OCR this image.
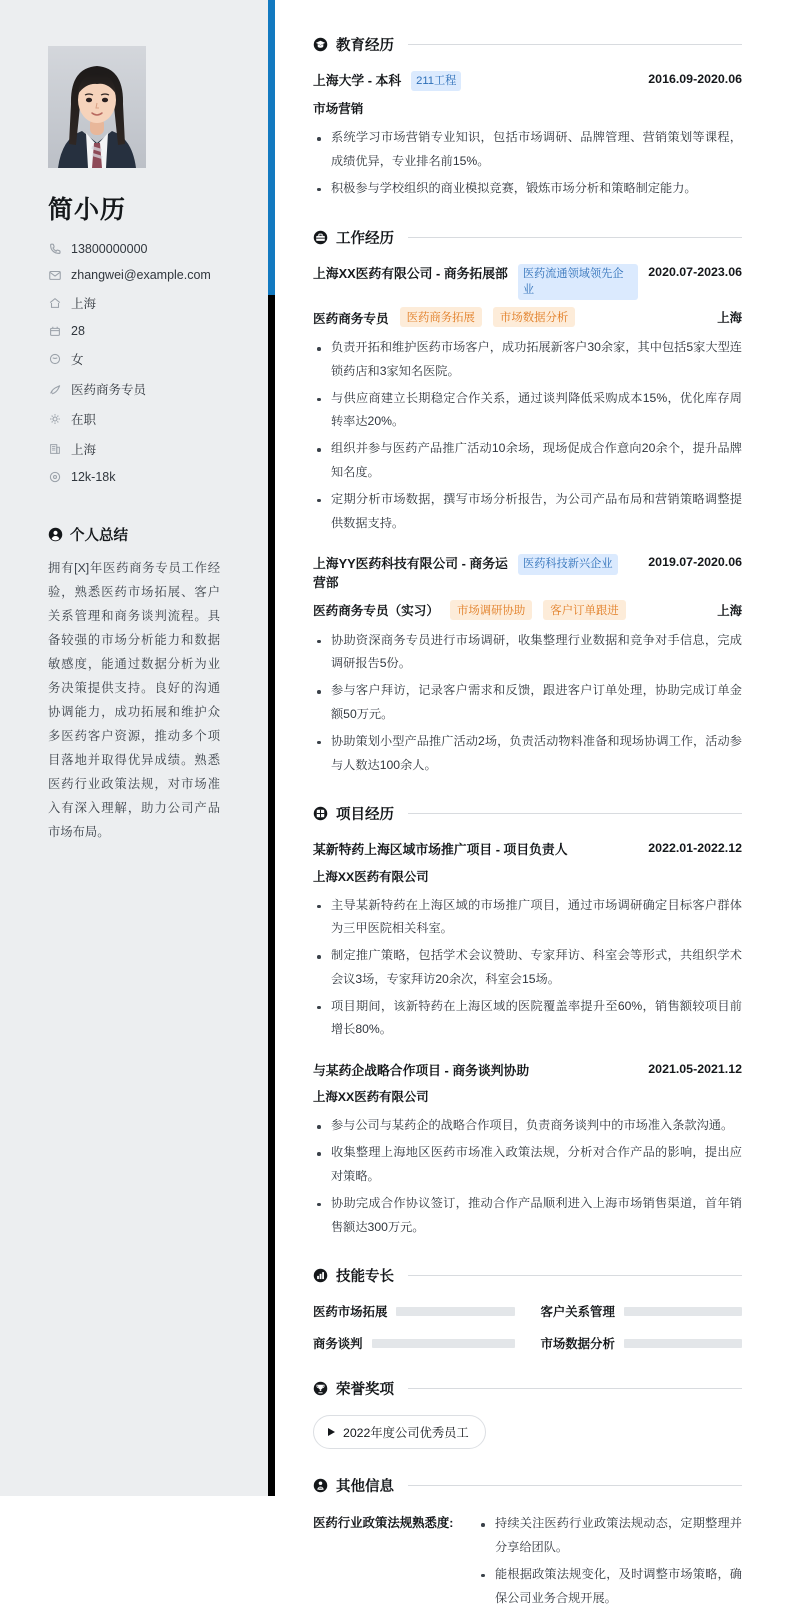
简小历
13800000000
zhangwei@example.com
上海
28
女
医药商务专员
在职
上海
12k-18k
个人总结
拥有[X]年医药商务专员工作经验，熟悉医药市场拓展、客户关系管理和商务谈判流程。具备较强的市场分析能力和数据敏感度，能通过数据分析为业务决策提供支持。良好的沟通协调能力，成功拓展和维护众多医药客户资源，推动多个项目落地并取得优异成绩。熟悉医药行业政策法规，对市场准入有深入理解，助力公司产品市场布局。
教育经历
上海大学 - 本科	211工程	2016.09-2020.06
市场营销
系统学习市场营销专业知识，包括市场调研、品牌管理、营销策划等课程，成绩优异，专业排名前15%。
积极参与学校组织的商业模拟竞赛，锻炼市场分析和策略制定能力。
工作经历
上海XX医药有限公司 - 商务拓展部	医药流通领域领先企业
2020.07-2023.06
医药商务专员	医药商务拓展	市场数据分析	上海
负责开拓和维护医药市场客户，成功拓展新客户30余家，其中包括5家大型连锁药店和3家知名医院。
与供应商建立长期稳定合作关系，通过谈判降低采购成本15%，优化库存周转率达20%。
组织并参与医药产品推广活动10余场，现场促成合作意向20余个，提升品牌知名度。
定期分析市场数据，撰写市场分析报告，为公司产品布局和营销策略调整提供数据支持。
上海YY医药科技有限公司 - 商务运营部
医药科技新兴企业	2019.07-2020.06
医药商务专员（实习）	市场调研协助	客户订单跟进	上海
协助资深商务专员进行市场调研，收集整理行业数据和竞争对手信息，完成调研报告5份。
参与客户拜访，记录客户需求和反馈，跟进客户订单处理，协助完成订单金额50万元。
协助策划小型产品推广活动2场，负责活动物料准备和现场协调工作，活动参与人数达100余人。
项目经历
某新特药上海区域市场推广项目 - 项目负责人	2022.01-2022.12
上海XX医药有限公司
主导某新特药在上海区域的市场推广项目，通过市场调研确定目标客户群体为三甲医院相关科室。
制定推广策略，包括学术会议赞助、专家拜访、科室会等形式，共组织学术会议3场，专家拜访20余次，科室会15场。
项目期间，该新特药在上海区域的医院覆盖率提升至60%，销售额较项目前增长80%。
与某药企战略合作项目 - 商务谈判协助	2021.05-2021.12
上海XX医药有限公司
参与公司与某药企的战略合作项目，负责商务谈判中的市场准入条款沟通。
收集整理上海地区医药市场准入政策法规，分析对合作产品的影响，提出应对策略。
协助完成合作协议签订，推动合作产品顺利进入上海市场销售渠道，首年销售额达300万元。
技能专长
医药市场拓展	客户关系管理
商务谈判	市场数据分析
荣誉奖项
2022年度公司优秀员工
其他信息
医药行业政策法规熟悉度:	持续关注医药行业政策法规动态，定期整理并分享给团队。
能根据政策法规变化，及时调整市场策略，确保公司业务合规开展。
